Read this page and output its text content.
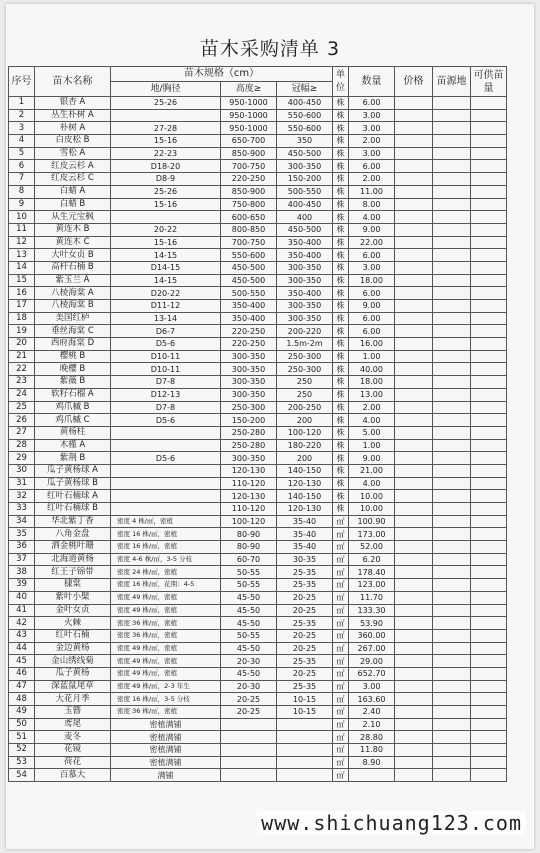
苗木采购清单 3
序号	苗木名称	苗木规格（cm）			单位	数量	价格	苗源地	可供苗量
		地/胸径	高度≥	冠幅≥					
1	银杏 A	25-26	950-1000	400-450	株	6.00			
2	丛生朴树 A		950-1000	550-600	株	3.00			
3	朴树 A	27-28	950-1000	550-600	株	3.00			
4	白皮松 B	15-16	650-700	350	株	2.00			
5	雪松 A	22-23	850-900	450-500	株	3.00			
6	红皮云杉 A	D18-20	700-750	300-350	株	6.00			
7	红皮云杉 C	D8-9	220-250	150-200	株	2.00			
8	白蜡 A	25-26	850-900	500-550	株	11.00			
9	白蜡 B	15-16	750-800	400-450	株	8.00			
10	从生元宝枫		600-650	400	株	4.00			
11	黄连木 B	20-22	800-850	450-500	株	9.00			
12	黄连木 C	15-16	700-750	350-400	株	22.00			
13	大叶女贞 B	14-15	550-600	350-400	株	6.00			
14	高杆石楠 B	D14-15	450-500	300-350	株	3.00			
15	紫玉兰 A	14-15	450-500	300-350	株	18.00			
16	八棱海棠 A	D20-22	500-550	350-400	株	6.00			
17	八棱海棠 B	D11-12	350-400	300-350	株	9.00			
18	美国红栌	13-14	350-400	300-350	株	6.00			
19	垂丝海棠 C	D6-7	220-250	200-220	株	6.00			
20	西府海棠 D	D5-6	220-250	1.5m-2m	株	16.00			
21	樱桃 B	D10-11	300-350	250-300	株	1.00			
22	晚樱 B	D10-11	300-350	250-300	株	40.00			
23	紫薇 B	D7-8	300-350	250	株	18.00			
24	软籽石榴 A	D12-13	300-350	250	株	13.00			
25	鸡爪槭 B	D7-8	250-300	200-250	株	2.00			
26	鸡爪槭 C	D5-6	150-200	200	株	4.00			
27	黄杨柱		250-280	100-120	株	5.00			
28	木槿 A		250-280	180-220	株	1.00			
29	紫荆 B	D5-6	300-350	200	株	9.00			
30	瓜子黄杨球 A		120-130	140-150	株	21.00			
31	瓜子黄杨球 B		110-120	120-130	株	4.00			
32	红叶石楠球 A		120-130	140-150	株	10.00			
33	红叶石楠球 B		110-120	120-130	株	10.00			
34	华北紫丁香	密度 4 株/㎡，密植	100-120	35-40	㎡	100.90			
35	八角金盘	密度 16 株/㎡，密植	80-90	35-40	㎡	173.00			
36	洒金桃叶珊	密度 16 株/㎡，密植	80-90	35-40	㎡	52.00			
37	北海道黄杨	密度 4-6 株/㎡，3-5 分枝	60-70	30-35	㎡	6.20			
38	红王子锦带	密度 24 株/㎡，密植	50-55	25-35	㎡	178.40			
39	棣棠	密度 16 株/㎡，花期：4-5	50-55	25-35	㎡	123.00			
40	紫叶小檗	密度 49 株/㎡，密植	45-50	20-25	㎡	11.70			
41	金叶女贞	密度 49 株/㎡，密植	45-50	20-25	㎡	133.30			
42	火棘	密度 36 株/㎡，密植	45-50	25-35	㎡	53.90			
43	红叶石楠	密度 36 株/㎡，密植	50-55	20-25	㎡	360.00			
44	金边黄杨	密度 49 株/㎡，密植	45-50	20-25	㎡	267.00			
45	金山绣线菊	密度 49 株/㎡，密植	20-30	25-35	㎡	29.00			
46	瓜子黄杨	密度 49 株/㎡，密植	45-50	20-25	㎡	652.70			
47	深蓝鼠尾草	密度 49 株/㎡，2-3 年生	20-30	25-35	㎡	3.00			
48	大花月季	密度 16 株/㎡，3-5 分枝	20-25	10-15	㎡	163.60			
49	玉簪	密度 36 株/㎡，密植	20-25	10-15	㎡	2.40			
50	鸢尾	密植满铺			㎡	2.10			
51	麦冬	密植满铺			㎡	28.80			
52	花镜	密植满铺			㎡	11.80			
53	荷花	密植满铺			㎡	8.90			
54	百慕大	满铺			㎡				
www.shichuang123.com
